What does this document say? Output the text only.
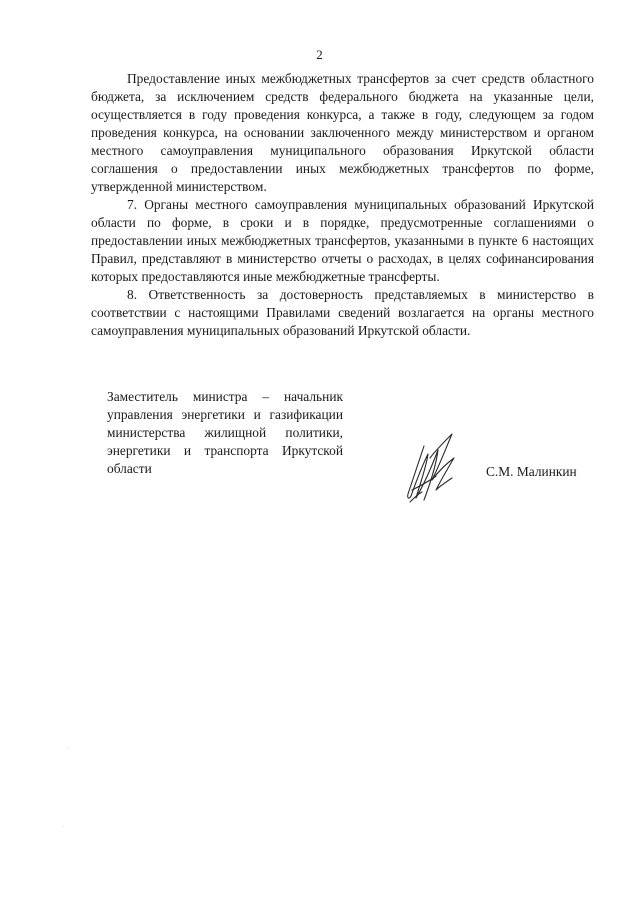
2

Предоставление иных межбюджетных трансфертов за счет средств областного бюджета, за исключением средств федерального бюджета на указанные цели, осуществляется в году проведения конкурса, а также в году, следующем за годом проведения конкурса, на основании заключенного между министерством и органом местного самоуправления муниципального образования Иркутской области соглашения о предоставлении иных межбюджетных трансфертов по форме, утвержденной министерством.

7. Органы местного самоуправления муниципальных образований Иркутской области по форме, в сроки и в порядке, предусмотренные соглашениями о предоставлении иных межбюджетных трансфертов, указанными в пункте 6 настоящих Правил, представляют в министерство отчеты о расходах, в целях софинансирования которых предоставляются иные межбюджетные трансферты.

8. Ответственность за достоверность представляемых в министерство в соответствии с настоящими Правилами сведений возлагается на органы местного самоуправления муниципальных образований Иркутской области.

Заместитель министра – начальник управления энергетики и газификации министерства жилищной политики, энергетики и транспорта Иркутской области	С.М. Малинкин
